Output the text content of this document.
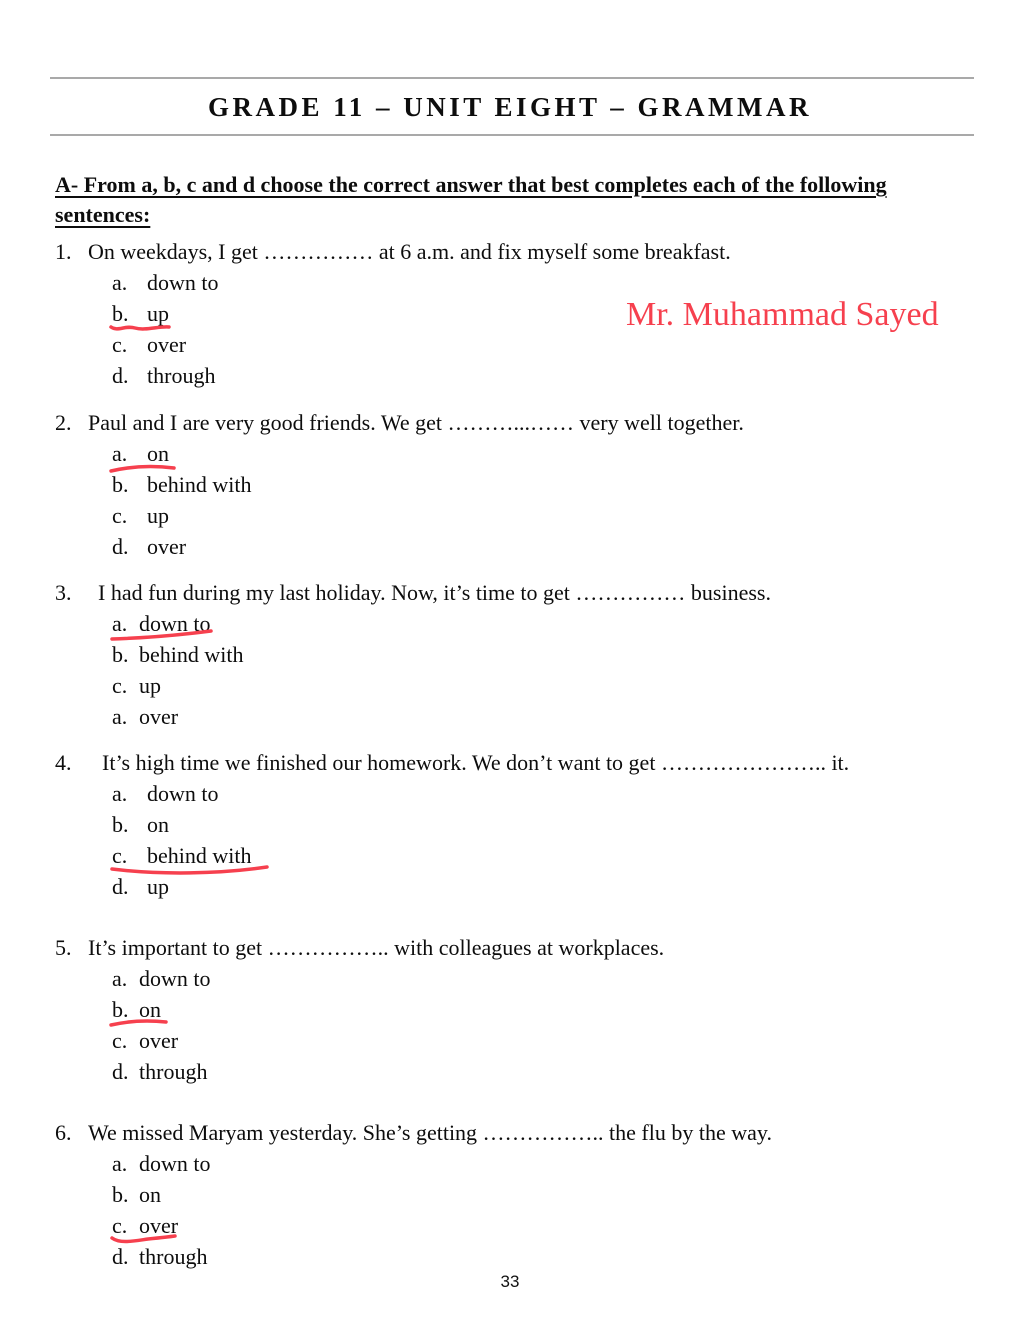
GRADE 11 – UNIT EIGHT – GRAMMAR
Mr. Muhammad Sayed
A- From a, b, c and d choose the correct answer that best completes each of the following
sentences:
1. On weekdays, I get …………… at 6 a.m. and fix myself some breakfast.
a. down to
b. up
c. over
d. through
2. Paul and I are very good friends. We get ………...…… very well together.
a. on
b. behind with
c. up
d. over
3. I had fun during my last holiday. Now, it’s time to get …………… business.
a. down to
b. behind with
c. up
a. over
4. It’s high time we finished our homework. We don’t want to get ………………….. it.
a. down to
b. on
c. behind with
d. up
5. It’s important to get …………….. with colleagues at workplaces.
a. down to
b. on
c. over
d. through
6. We missed Maryam yesterday. She’s getting …………….. the flu by the way.
a. down to
b. on
c. over
d. through
33
